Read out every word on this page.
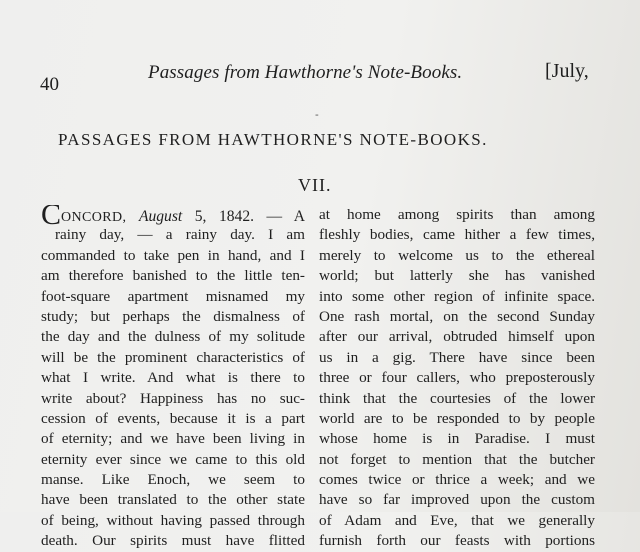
40
Passages from Hawthorne's Note-Books.	[July,
-
PASSAGES FROM HAWTHORNE'S NOTE-BOOKS.
VII.
CONCORD, August 5, 1842. — A
rainy day, — a rainy day. I am
commanded to take pen in hand, and I
am therefore banished to the little ten-
foot-square apartment misnamed my
study; but perhaps the dismalness of
the day and the dulness of my solitude
will be the prominent characteristics of
what I write. And what is there to
write about? Happiness has no suc-
cession of events, because it is a part
of eternity; and we have been living in
eternity ever since we came to this old
manse. Like Enoch, we seem to
have been translated to the other state
of being, without having passed through
death. Our spirits must have flitted
at home among spirits than among
fleshly bodies, came hither a few times,
merely to welcome us to the ethereal
world; but latterly she has vanished
into some other region of infinite space.
One rash mortal, on the second Sunday
after our arrival, obtruded himself upon
us in a gig. There have since been
three or four callers, who preposterously
think that the courtesies of the lower
world are to be responded to by people
whose home is in Paradise. I must
not forget to mention that the butcher
comes twice or thrice a week; and we
have so far improved upon the custom
of Adam and Eve, that we generally
furnish forth our feasts with portions
